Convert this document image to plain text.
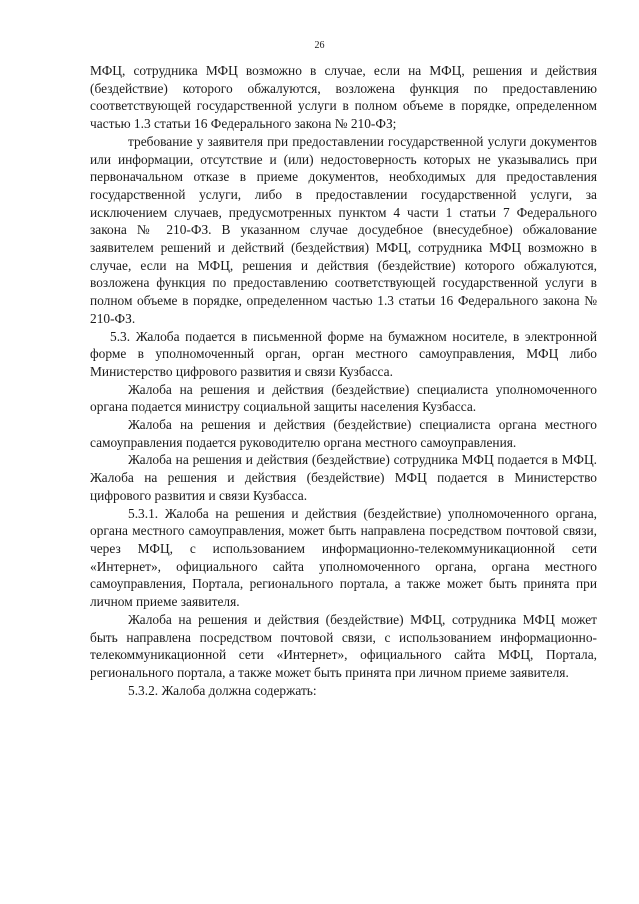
26

МФЦ, сотрудника МФЦ возможно в случае, если на МФЦ, решения и действия (бездействие) которого обжалуются, возложена функция по предоставлению соответствующей государственной услуги в полном объеме в порядке, определенном частью 1.3 статьи 16 Федерального закона № 210-ФЗ;

требование у заявителя при предоставлении государственной услуги документов или информации, отсутствие и (или) недостоверность которых не указывались при первоначальном отказе в приеме документов, необходимых для предоставления государственной услуги, либо в предоставлении государственной услуги, за исключением случаев, предусмотренных пунктом 4 части 1 статьи 7 Федерального закона № 210-ФЗ. В указанном случае досудебное (внесудебное) обжалование заявителем решений и действий (бездействия) МФЦ, сотрудника МФЦ возможно в случае, если на МФЦ, решения и действия (бездействие) которого обжалуются, возложена функция по предоставлению соответствующей государственной услуги в полном объеме в порядке, определенном частью 1.3 статьи 16 Федерального закона № 210-ФЗ.

5.3. Жалоба подается в письменной форме на бумажном носителе, в электронной форме в уполномоченный орган, орган местного самоуправления, МФЦ либо Министерство цифрового развития и связи Кузбасса.

Жалоба на решения и действия (бездействие) специалиста уполномоченного органа подается министру социальной защиты населения Кузбасса.

Жалоба на решения и действия (бездействие) специалиста органа местного самоуправления подается руководителю органа местного самоуправления.

Жалоба на решения и действия (бездействие) сотрудника МФЦ подается в МФЦ. Жалоба на решения и действия (бездействие) МФЦ подается в Министерство цифрового развития и связи Кузбасса.

5.3.1. Жалоба на решения и действия (бездействие) уполномоченного органа, органа местного самоуправления, может быть направлена посредством почтовой связи, через МФЦ, с использованием информационно-телекоммуникационной сети «Интернет», официального сайта уполномоченного органа, органа местного самоуправления, Портала, регионального портала, а также может быть принята при личном приеме заявителя.

Жалоба на решения и действия (бездействие) МФЦ, сотрудника МФЦ может быть направлена посредством почтовой связи, с использованием информационно-телекоммуникационной сети «Интернет», официального сайта МФЦ, Портала, регионального портала, а также может быть принята при личном приеме заявителя.

5.3.2. Жалоба должна содержать:
